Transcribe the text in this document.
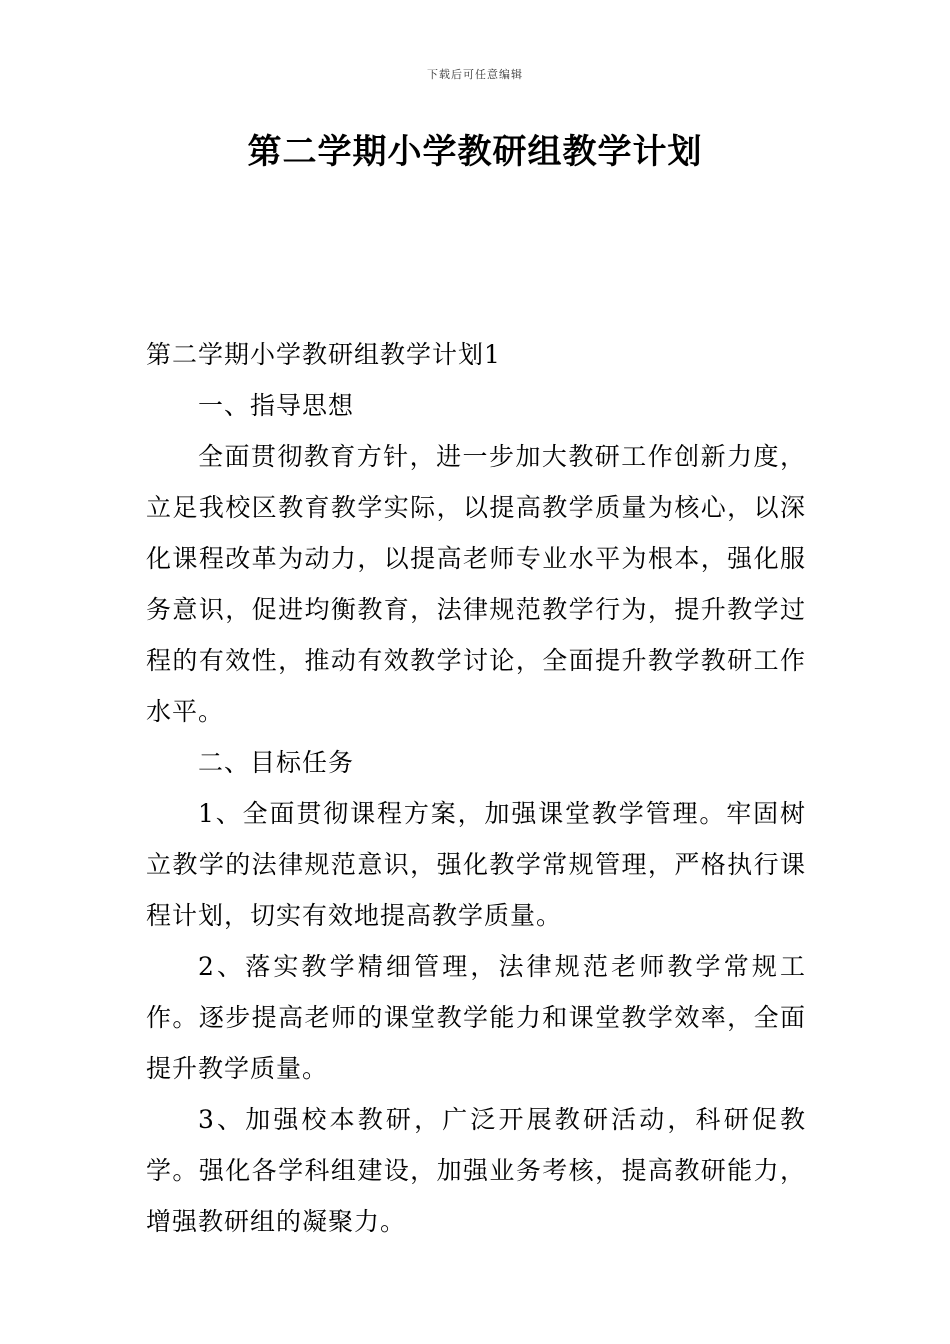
下载后可任意编辑
第二学期小学教研组教学计划

第二学期小学教研组教学计划1

一、指导思想

全面贯彻教育方针，进一步加大教研工作创新力度，立足我校区教育教学实际，以提高教学质量为核心，以深化课程改革为动力，以提高老师专业水平为根本，强化服务意识，促进均衡教育，法律规范教学行为，提升教学过程的有效性，推动有效教学讨论，全面提升教学教研工作水平。

二、目标任务

1、全面贯彻课程方案，加强课堂教学管理。牢固树立教学的法律规范意识，强化教学常规管理，严格执行课程计划，切实有效地提高教学质量。

2、落实教学精细管理，法律规范老师教学常规工作。逐步提高老师的课堂教学能力和课堂教学效率，全面提升教学质量。

3、加强校本教研，广泛开展教研活动，科研促教学。强化各学科组建设，加强业务考核，提高教研能力，增强教研组的凝聚力。
